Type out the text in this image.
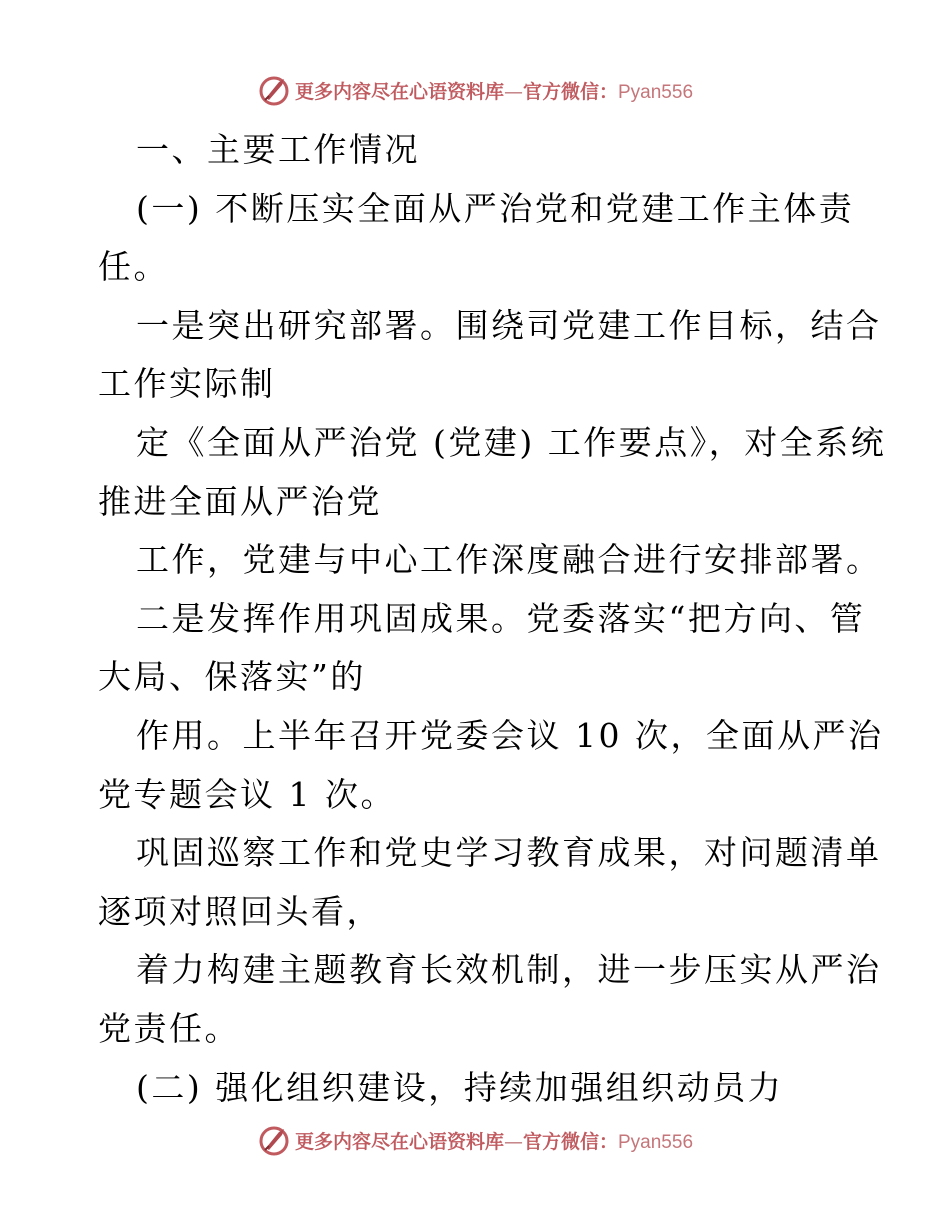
更多内容尽在心语资料库—官方微信：Pyan556
一、主要工作情况
(一) 不断压实全面从严治党和党建工作主体责
任。
一是突出研究部署。围绕司党建工作目标，结合
工作实际制
定《全面从严治党 (党建) 工作要点》，对全系统
推进全面从严治党
工作，党建与中心工作深度融合进行安排部署。
二是发挥作用巩固成果。党委落实“把方向、管
大局、保落实”的
作用。上半年召开党委会议 10 次，全面从严治
党专题会议 1 次。
巩固巡察工作和党史学习教育成果，对问题清单
逐项对照回头看，
着力构建主题教育长效机制，进一步压实从严治
党责任。
(二) 强化组织建设，持续加强组织动员力
更多内容尽在心语资料库—官方微信：Pyan556
